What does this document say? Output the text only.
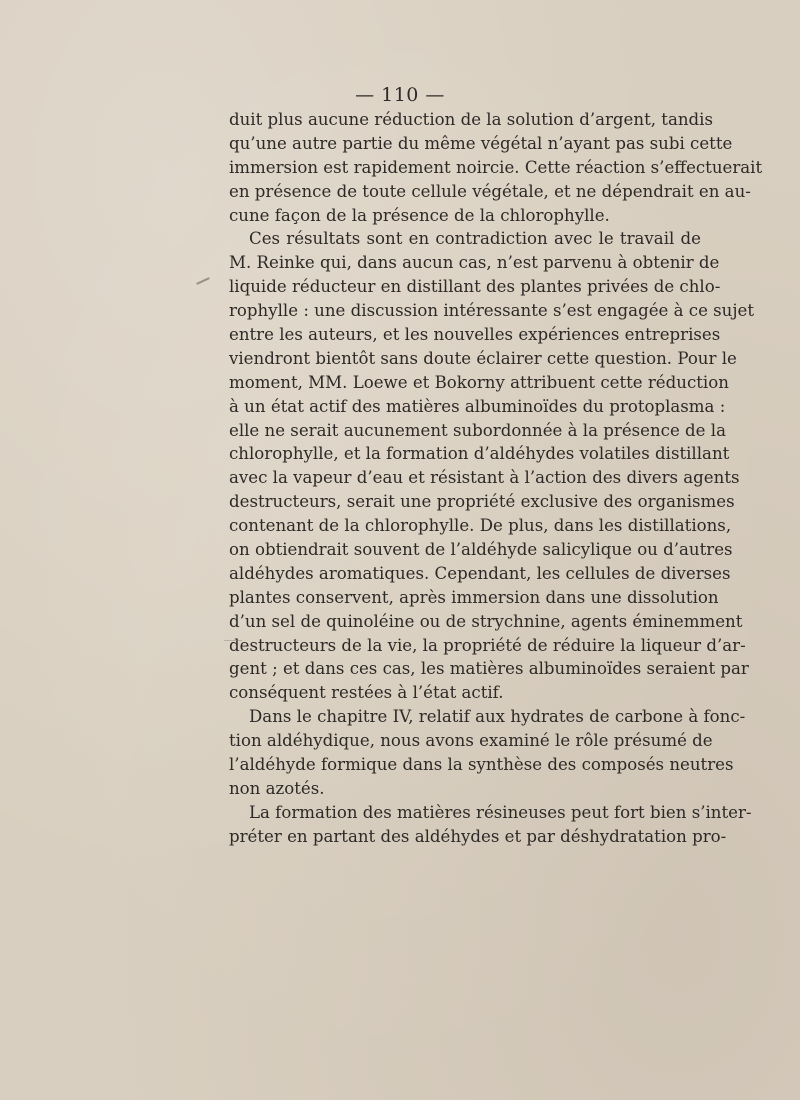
— 110 —
duit plus aucune réduction de la solution d’argent, tandis
qu’une autre partie du même végétal n’ayant pas subi cette
immersion est rapidement noircie. Cette réaction s’effectuerait
en présence de toute cellule végétale, et ne dépendrait en au-
cune façon de la présence de la chlorophylle.
Ces résultats sont en contradiction avec le travail de
M. Reinke qui, dans aucun cas, n’est parvenu à obtenir de
liquide réducteur en distillant des plantes privées de chlo-
rophylle : une discussion intéressante s’est engagée à ce sujet
entre les auteurs, et les nouvelles expériences entreprises
viendront bientôt sans doute éclairer cette question. Pour le
moment, MM. Loewe et Bokorny attribuent cette réduction
à un état actif des matières albuminoïdes du protoplasma :
elle ne serait aucunement subordonnée à la présence de la
chlorophylle, et la formation d’aldéhydes volatiles distillant
avec la vapeur d’eau et résistant à l’action des divers agents
destructeurs, serait une propriété exclusive des organismes
contenant de la chlorophylle. De plus, dans les distillations,
on obtiendrait souvent de l’aldéhyde salicylique ou d’autres
aldéhydes aromatiques. Cependant, les cellules de diverses
plantes conservent, après immersion dans une dissolution
d’un sel de quinoléine ou de strychnine, agents éminemment
destructeurs de la vie, la propriété de réduire la liqueur d’ar-
gent ; et dans ces cas, les matières albuminoïdes seraient par
conséquent restées à l’état actif.
Dans le chapitre IV, relatif aux hydrates de carbone à fonc-
tion aldéhydique, nous avons examiné le rôle présumé de
l’aldéhyde formique dans la synthèse des composés neutres
non azotés.
La formation des matières résineuses peut fort bien s’inter-
préter en partant des aldéhydes et par déshydratation pro-
